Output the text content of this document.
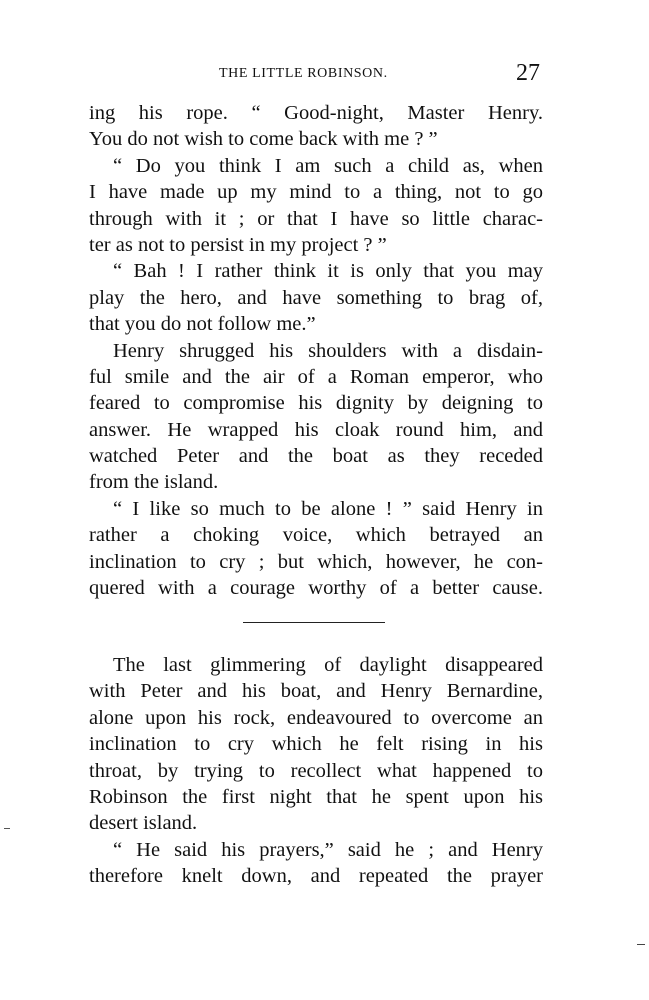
THE LITTLE ROBINSON.	27
ing his rope. “ Good-night, Master Henry.
You do not wish to come back with me ? ”
“ Do you think I am such a child as, when
I have made up my mind to a thing, not to go
through with it ; or that I have so little charac-
ter as not to persist in my project ? ”
“ Bah ! I rather think it is only that you may
play the hero, and have something to brag of,
that you do not follow me.”
Henry shrugged his shoulders with a disdain-
ful smile and the air of a Roman emperor, who
feared to compromise his dignity by deigning to
answer. He wrapped his cloak round him, and
watched Peter and the boat as they receded
from the island.
“ I like so much to be alone ! ” said Henry in
rather a choking voice, which betrayed an
inclination to cry ; but which, however, he con-
quered with a courage worthy of a better cause.
The last glimmering of daylight disappeared
with Peter and his boat, and Henry Bernardine,
alone upon his rock, endeavoured to overcome an
inclination to cry which he felt rising in his
throat, by trying to recollect what happened to
Robinson the first night that he spent upon his
desert island.
“ He said his prayers,” said he ; and Henry
therefore knelt down, and repeated the prayer
